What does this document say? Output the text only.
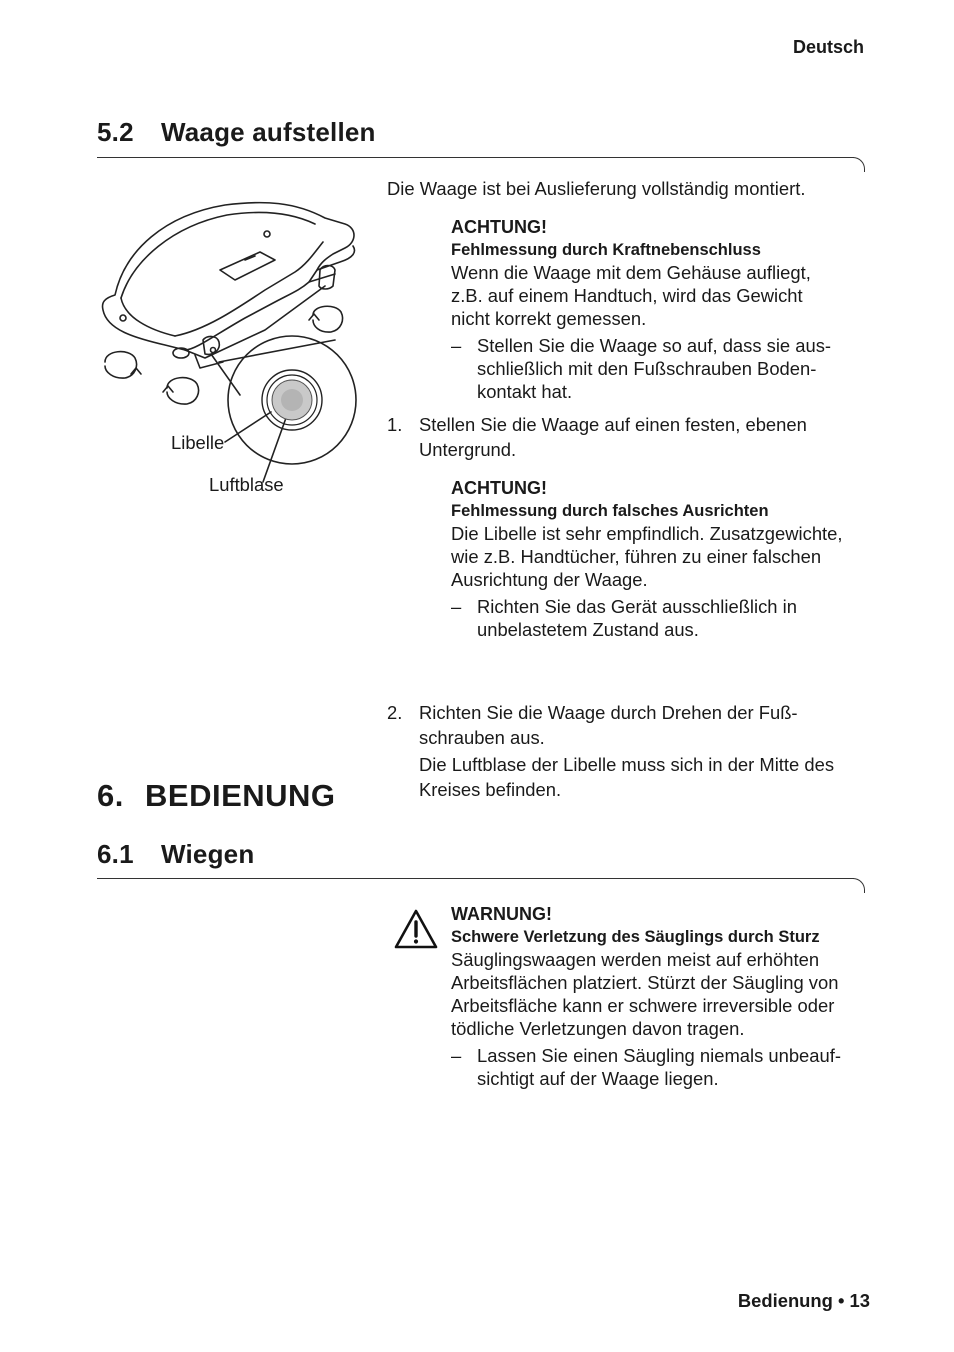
Deutsch
5.2 Waage aufstellen
Libelle
Luftblase
Die Waage ist bei Auslieferung vollständig montiert.
ACHTUNG!
Fehlmessung durch Kraftnebenschluss
Wenn die Waage mit dem Gehäuse aufliegt,
z.B. auf einem Handtuch, wird das Gewicht
nicht korrekt gemessen.
– Stellen Sie die Waage so auf, dass sie aus-
schließlich mit den Fußschrauben Boden-
kontakt hat.
1. Stellen Sie die Waage auf einen festen, ebenen
Untergrund.
ACHTUNG!
Fehlmessung durch falsches Ausrichten
Die Libelle ist sehr empfindlich. Zusatzgewichte,
wie z.B. Handtücher, führen zu einer falschen
Ausrichtung der Waage.
– Richten Sie das Gerät ausschließlich in
unbelastetem Zustand aus.
2. Richten Sie die Waage durch Drehen der Fuß-
schrauben aus.
Die Luftblase der Libelle muss sich in der Mitte des
Kreises befinden.
6. BEDIENUNG
6.1 Wiegen
WARNUNG!
Schwere Verletzung des Säuglings durch Sturz
Säuglingswaagen werden meist auf erhöhten
Arbeitsflächen platziert. Stürzt der Säugling von
Arbeitsfläche kann er schwere irreversible oder
tödliche Verletzungen davon tragen.
– Lassen Sie einen Säugling niemals unbeauf-
sichtigt auf der Waage liegen.
Bedienung • 13
